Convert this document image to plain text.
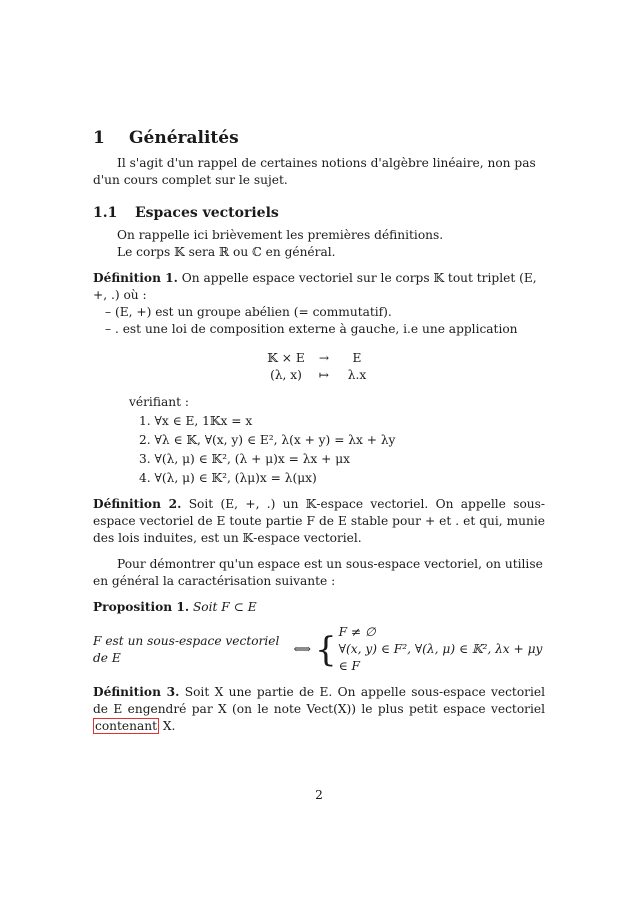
1	Généralités

Il s'agit d'un rappel de certaines notions d'algèbre linéaire, non pas d'un cours complet sur le sujet.

1.1	Espaces vectoriels

On rappelle ici brièvement les premières définitions.

Le corps 𝕂 sera ℝ ou ℂ en général.

Définition 1. On appelle espace vectoriel sur le corps 𝕂 tout triplet (E, +, .) où :

– (E, +) est un groupe abélien (= commutatif).

– . est une loi de composition externe à gauche, i.e une application

𝕂 × E	→	E
(λ, x)	↦	λ.x

vérifiant :

1. ∀x ∈ E, 1𝕂x = x
2. ∀λ ∈ 𝕂, ∀(x, y) ∈ E², λ(x + y) = λx + λy
3. ∀(λ, μ) ∈ 𝕂², (λ + μ)x = λx + μx
4. ∀(λ, μ) ∈ 𝕂², (λμ)x = λ(μx)

Définition 2. Soit (E, +, .) un 𝕂-espace vectoriel. On appelle sous-espace vectoriel de E toute partie F de E stable pour + et . et qui, munie des lois induites, est un 𝕂-espace vectoriel.

Pour démontrer qu'un espace est un sous-espace vectoriel, on utilise en général la caractérisation suivante :

Proposition 1. Soit F ⊂ E

F est un sous-espace vectoriel de E
⟺ { F ≠ ∅
∀(x, y) ∈ F², ∀(λ, μ) ∈ 𝕂², λx + μy ∈ F

Définition 3. Soit X une partie de E. On appelle sous-espace vectoriel de E engendré par X (on le note Vect(X)) le plus petit espace vectoriel contenant X.

2
